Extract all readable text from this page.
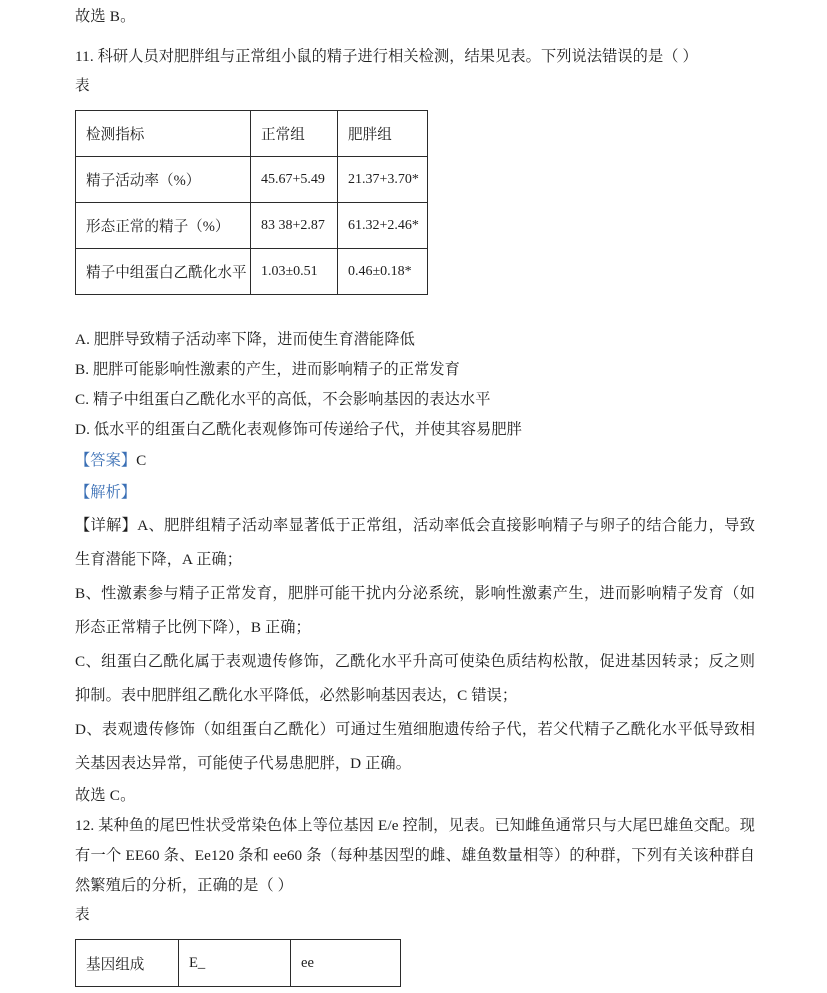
故选 B。
11. 科研人员对肥胖组与正常组小鼠的精子进行相关检测，结果见表。下列说法错误的是（ ）
表
检测指标	正常组	肥胖组
精子活动率（%）	45.67+5.49	21.37+3.70*
形态正常的精子（%）	83 38+2.87	61.32+2.46*
精子中组蛋白乙酰化水平	1.03±0.51	0.46±0.18*
A. 肥胖导致精子活动率下降，进而使生育潜能降低
B. 肥胖可能影响性激素的产生，进而影响精子的正常发育
C. 精子中组蛋白乙酰化水平的高低，不会影响基因的表达水平
D. 低水平的组蛋白乙酰化表观修饰可传递给子代，并使其容易肥胖
【答案】C
【解析】
【详解】A、肥胖组精子活动率显著低于正常组，活动率低会直接影响精子与卵子的结合能力，导致生育潜能下降，A 正确；
B、性激素参与精子正常发育，肥胖可能干扰内分泌系统，影响性激素产生，进而影响精子发育（如形态正常精子比例下降），B 正确；
C、组蛋白乙酰化属于表观遗传修饰，乙酰化水平升高可使染色质结构松散，促进基因转录；反之则抑制。表中肥胖组乙酰化水平降低，必然影响基因表达，C 错误；
D、表观遗传修饰（如组蛋白乙酰化）可通过生殖细胞遗传给子代，若父代精子乙酰化水平低导致相关基因表达异常，可能使子代易患肥胖，D 正确。
故选 C。
12. 某种鱼的尾巴性状受常染色体上等位基因 E/e 控制，见表。已知雌鱼通常只与大尾巴雄鱼交配。现有一个 EE60 条、Ee120 条和 ee60 条（每种基因型的雌、雄鱼数量相等）的种群，下列有关该种群自然繁殖后的分析，正确的是（ ）
表
基因组成	E_	ee
